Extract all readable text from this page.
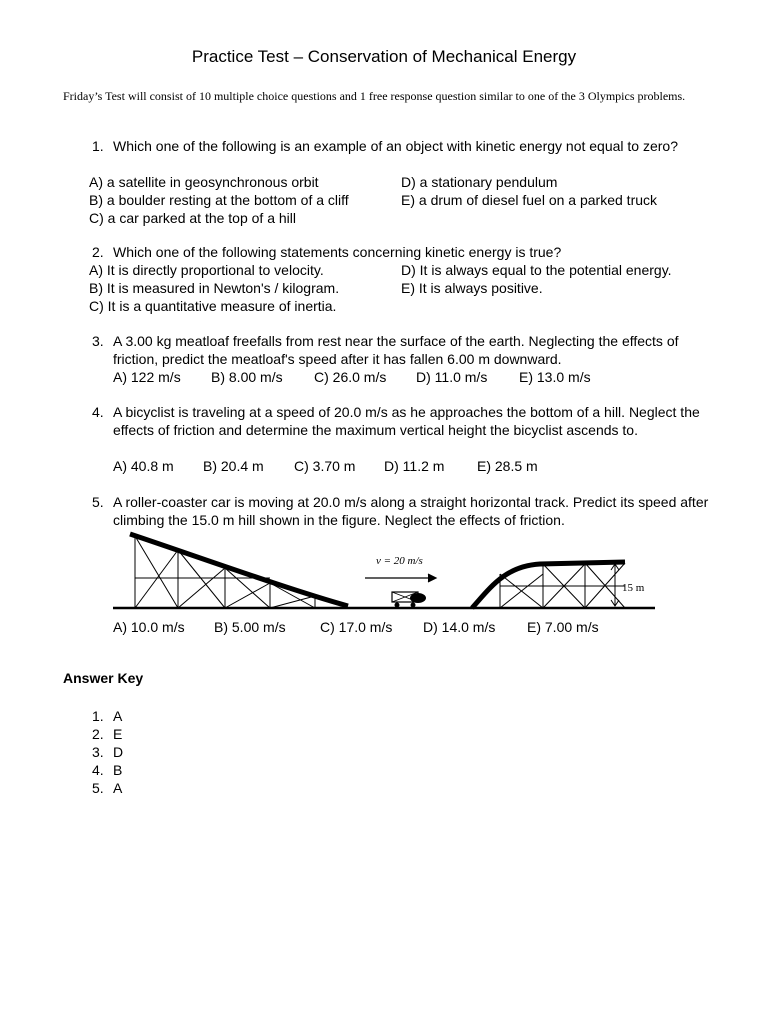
Practice Test – Conservation of Mechanical Energy
Friday’s Test will consist of 10 multiple choice questions and 1 free response question similar to one of the 3 Olympics problems.
1. Which one of the following is an example of an object with kinetic energy not equal to zero?
A) a satellite in geosynchronous orbit
B) a boulder resting at the bottom of a cliff
C) a car parked at the top of a hill
D) a stationary pendulum
E) a drum of diesel fuel on a parked truck
2. Which one of the following statements concerning kinetic energy is true?
A) It is directly proportional to velocity.
B) It is measured in Newton's / kilogram.
C) It is a quantitative measure of inertia.
D) It is always equal to the potential energy.
E) It is always positive.
3. A 3.00 kg meatloaf freefalls from rest near the surface of the earth. Neglecting the effects of friction, predict the meatloaf's speed after it has fallen 6.00 m downward.
A) 122 m/s B) 8.00 m/s C) 26.0 m/s D) 11.0 m/s E) 13.0 m/s
4. A bicyclist is traveling at a speed of 20.0 m/s as he approaches the bottom of a hill. Neglect the effects of friction and determine the maximum vertical height the bicyclist ascends to.
A) 40.8 m B) 20.4 m C) 3.70 m D) 11.2 m E) 28.5 m
5. A roller-coaster car is moving at 20.0 m/s along a straight horizontal track. Predict its speed after climbing the 15.0 m hill shown in the figure. Neglect the effects of friction.
A) 10.0 m/s B) 5.00 m/s C) 17.0 m/s D) 14.0 m/s E) 7.00 m/s
v = 20 m/s
15 m
Answer Key
1. A
2. E
3. D
4. B
5. A
